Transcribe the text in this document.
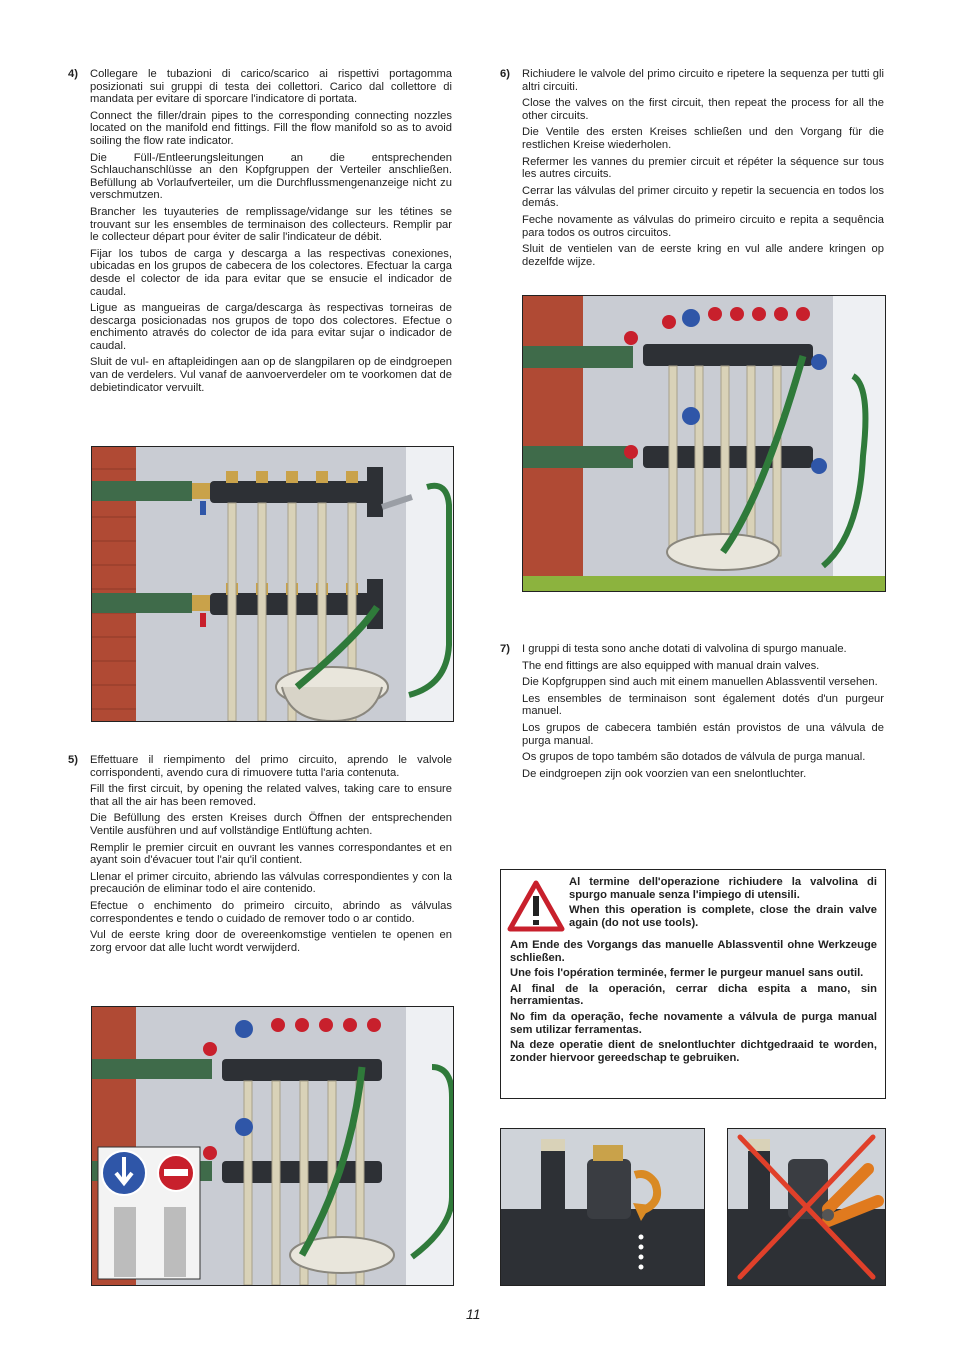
4) Collegare le tubazioni di carico/scarico ai rispettivi portagomma posizionati sui gruppi di testa dei collettori. Carico dal collettore di mandata per evitare di sporcare l'indicatore di portata.

Connect the filler/drain pipes to the corresponding connecting nozzles located on the manifold end fittings. Fill the flow manifold so as to avoid soiling the flow rate indicator.

Die Füll-/Entleerungsleitungen an die entsprechenden Schlauchanschlüsse an den Kopfgruppen der Verteiler anschließen. Befüllung ab Vorlaufverteiler, um die Durchflussmengenanzeige nicht zu verschmutzen.

Brancher les tuyauteries de remplissage/vidange sur les tétines se trouvant sur les ensembles de terminaison des collecteurs. Remplir par le collecteur départ pour éviter de salir l'indicateur de débit.

Fijar los tubos de carga y descarga a las respectivas conexiones, ubicadas en los grupos de cabecera de los colectores. Efectuar la carga desde el colector de ida para evitar que se ensucie el indicador de caudal.

Ligue as mangueiras de carga/descarga às respectivas torneiras de descarga posicionadas nos grupos de topo dos colectores. Efectue o enchimento através do colector de ida para evitar sujar o indicador de caudal.

Sluit de vul- en aftapleidingen aan op de slangpilaren op de eindgroepen van de verdelers. Vul vanaf de aanvoerverdeler om te voorkomen dat de debietindicator vervuilt.

5) Effettuare il riempimento del primo circuito, aprendo le valvole corrispondenti, avendo cura di rimuovere tutta l'aria contenuta.

Fill the first circuit, by opening the related valves, taking care to ensure that all the air has been removed.

Die Befüllung des ersten Kreises durch Öffnen der entsprechenden Ventile ausführen und auf vollständige Entlüftung achten.

Remplir le premier circuit en ouvrant les vannes correspondantes et en ayant soin d'évacuer tout l'air qu'il contient.

Llenar el primer circuito, abriendo las válvulas correspondientes y con la precaución de eliminar todo el aire contenido.

Efectue o enchimento do primeiro circuito, abrindo as válvulas correspondentes e tendo o cuidado de remover todo o ar contido.

Vul de eerste kring door de overeenkomstige ventielen te openen en zorg ervoor dat alle lucht wordt verwijderd.

6) Richiudere le valvole del primo circuito e ripetere la sequenza per tutti gli altri circuiti.

Close the valves on the first circuit, then repeat the process for all the other circuits.

Die Ventile des ersten Kreises schließen und den Vorgang für die restlichen Kreise wiederholen.

Refermer les vannes du premier circuit et répéter la séquence sur tous les autres circuits.

Cerrar las válvulas del primer circuito y repetir la secuencia en todos los demás.

Feche novamente as válvulas do primeiro circuito e repita a sequência para todos os outros circuitos.

Sluit de ventielen van de eerste kring en vul alle andere kringen op dezelfde wijze.

7) I gruppi di testa sono anche dotati di valvolina di spurgo manuale.

The end fittings are also equipped with manual drain valves.

Die Kopfgruppen sind auch mit einem manuellen Ablassventil versehen.

Les ensembles de terminaison sont également dotés d'un purgeur manuel.

Los grupos de cabecera también están provistos de una válvula de purga manual.

Os grupos de topo também são dotados de válvula de purga manual.

De eindgroepen zijn ook voorzien van een snelontluchter.

Al termine dell'operazione richiudere la valvolina di spurgo manuale senza l'impiego di utensili.

When this operation is complete, close the drain valve again (do not use tools).

Am Ende des Vorgangs das manuelle Ablassventil ohne Werkzeuge schließen.

Une fois l'opération terminée, fermer le purgeur manuel sans outil.

Al final de la operación, cerrar dicha espita a mano, sin herramientas.

No fim da operação, feche novamente a válvula de purga manual sem utilizar ferramentas.

Na deze operatie dient de snelontluchter dichtgedraaid te worden, zonder hiervoor gereedschap te gebruiken.

11
